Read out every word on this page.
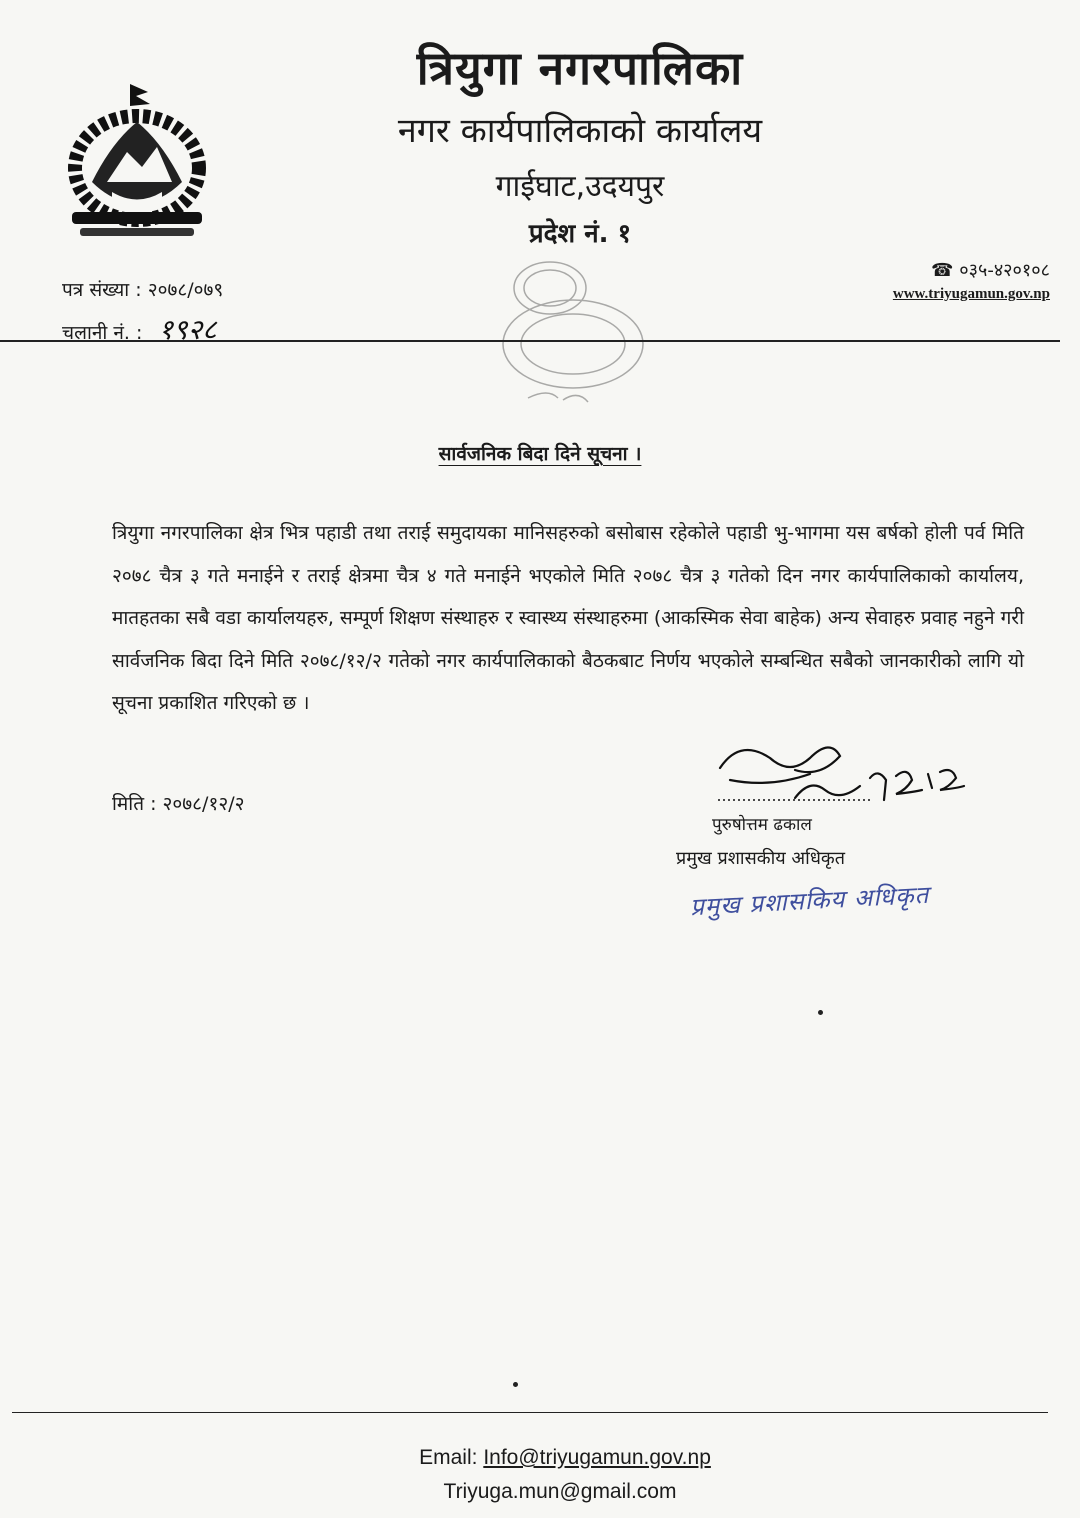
त्रियुगा नगरपालिका
नगर कार्यपालिकाको कार्यालय
गाईघाट,उदयपुर
प्रदेश नं. १
पत्र संख्या : २०७८/०७९
चलानी नं. : १९२८
☎ ०३५-४२०१०८
www.triyugamun.gov.np
सार्वजनिक बिदा दिने सूचना ।
त्रियुगा नगरपालिका क्षेत्र भित्र पहाडी तथा तराई समुदायका मानिसहरुको बसोबास रहेकोले पहाडी भु-भागमा यस बर्षको होली पर्व मिति २०७८ चैत्र ३ गते मनाईने र तराई क्षेत्रमा चैत्र ४ गते मनाईने भएकोले मिति २०७८ चैत्र ३ गतेको दिन नगर कार्यपालिकाको कार्यालय, मातहतका सबै वडा कार्यालयहरु, सम्पूर्ण शिक्षण संस्थाहरु र स्वास्थ्य संस्थाहरुमा (आकस्मिक सेवा बाहेक) अन्य सेवाहरु प्रवाह नहुने गरी सार्वजनिक बिदा दिने मिति २०७८/१२/२ गतेको नगर कार्यपालिकाको बैठकबाट निर्णय भएकोले सम्बन्धित सबैको जानकारीको लागि यो सूचना प्रकाशित गरिएको छ ।
मिति : २०७८/१२/२
पुरुषोत्तम ढकाल
प्रमुख प्रशासकीय अधिकृत
प्रमुख प्रशासकिय अधिकृत
Email: Info@triyugamun.gov.np
Triyuga.mun@gmail.com
